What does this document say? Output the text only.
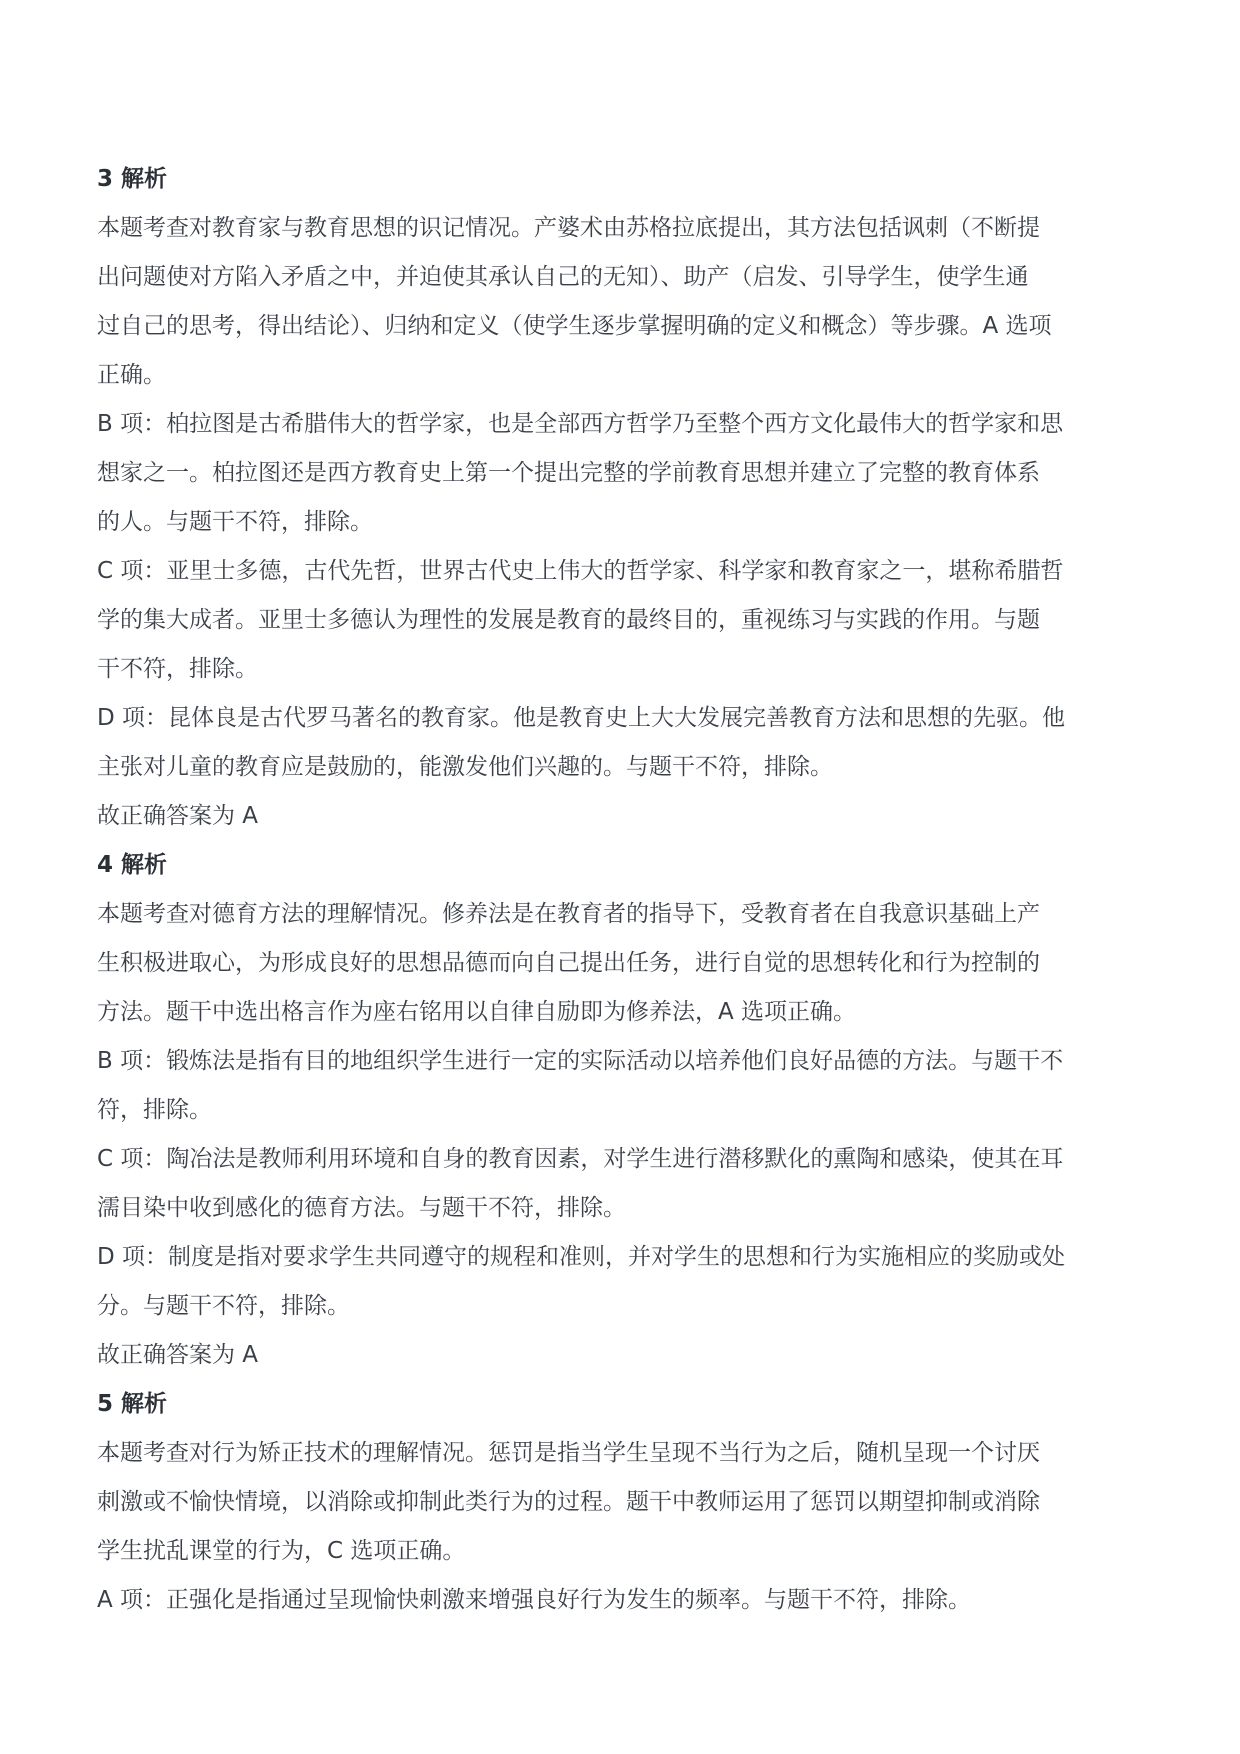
3 解析

本题考查对教育家与教育思想的识记情况。产婆术由苏格拉底提出，其方法包括讽刺（不断提
出问题使对方陷入矛盾之中，并迫使其承认自己的无知）、助产（启发、引导学生，使学生通
过自己的思考，得出结论）、归纳和定义（使学生逐步掌握明确的定义和概念）等步骤。A 选项
正确。

B 项：柏拉图是古希腊伟大的哲学家，也是全部西方哲学乃至整个西方文化最伟大的哲学家和思
想家之一。柏拉图还是西方教育史上第一个提出完整的学前教育思想并建立了完整的教育体系
的人。与题干不符，排除。

C 项：亚里士多德，古代先哲，世界古代史上伟大的哲学家、科学家和教育家之一，堪称希腊哲
学的集大成者。亚里士多德认为理性的发展是教育的最终目的，重视练习与实践的作用。与题
干不符，排除。

D 项：昆体良是古代罗马著名的教育家。他是教育史上大大发展完善教育方法和思想的先驱。他
主张对儿童的教育应是鼓励的，能激发他们兴趣的。与题干不符，排除。

故正确答案为 A

4 解析

本题考查对德育方法的理解情况。修养法是在教育者的指导下，受教育者在自我意识基础上产
生积极进取心，为形成良好的思想品德而向自己提出任务，进行自觉的思想转化和行为控制的
方法。题干中选出格言作为座右铭用以自律自励即为修养法，A 选项正确。

B 项：锻炼法是指有目的地组织学生进行一定的实际活动以培养他们良好品德的方法。与题干不
符，排除。

C 项：陶冶法是教师利用环境和自身的教育因素，对学生进行潜移默化的熏陶和感染，使其在耳
濡目染中收到感化的德育方法。与题干不符，排除。

D 项：制度是指对要求学生共同遵守的规程和准则，并对学生的思想和行为实施相应的奖励或处
分。与题干不符，排除。

故正确答案为 A

5 解析

本题考查对行为矫正技术的理解情况。惩罚是指当学生呈现不当行为之后，随机呈现一个讨厌
刺激或不愉快情境，以消除或抑制此类行为的过程。题干中教师运用了惩罚以期望抑制或消除
学生扰乱课堂的行为，C 选项正确。

A 项：正强化是指通过呈现愉快刺激来增强良好行为发生的频率。与题干不符，排除。
